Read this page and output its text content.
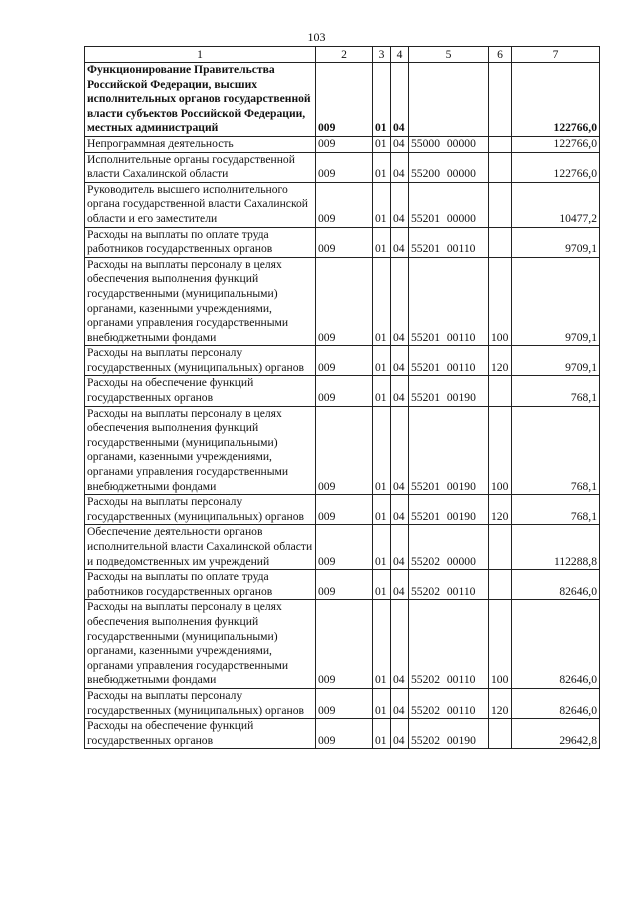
103
1	2	3	4	5	6	7
Функционирование Правительства Российской Федерации, высших исполнительных органов государственной власти субъектов Российской Федерации, местных администраций	009	01	04			122766,0
Непрограммная деятельность	009	01	04	55000 00000		122766,0
Исполнительные органы государственной власти Сахалинской области	009	01	04	55200 00000		122766,0
Руководитель высшего исполнительного органа государственной власти Сахалинской области и его заместители	009	01	04	55201 00000		10477,2
Расходы на выплаты по оплате труда работников государственных органов	009	01	04	55201 00110		9709,1
Расходы на выплаты персоналу в целях обеспечения выполнения функций государственными (муниципальными) органами, казенными учреждениями, органами управления государственными внебюджетными фондами	009	01	04	55201 00110	100	9709,1
Расходы на выплаты персоналу государственных (муниципальных) органов	009	01	04	55201 00110	120	9709,1
Расходы на обеспечение функций государственных органов	009	01	04	55201 00190		768,1
Расходы на выплаты персоналу в целях обеспечения выполнения функций государственными (муниципальными) органами, казенными учреждениями, органами управления государственными внебюджетными фондами	009	01	04	55201 00190	100	768,1
Расходы на выплаты персоналу государственных (муниципальных) органов	009	01	04	55201 00190	120	768,1
Обеспечение деятельности органов исполнительной власти Сахалинской области и подведомственных им учреждений	009	01	04	55202 00000		112288,8
Расходы на выплаты по оплате труда работников государственных органов	009	01	04	55202 00110		82646,0
Расходы на выплаты персоналу в целях обеспечения выполнения функций государственными (муниципальными) органами, казенными учреждениями, органами управления государственными внебюджетными фондами	009	01	04	55202 00110	100	82646,0
Расходы на выплаты персоналу государственных (муниципальных) органов	009	01	04	55202 00110	120	82646,0
Расходы на обеспечение функций государственных органов	009	01	04	55202 00190		29642,8
